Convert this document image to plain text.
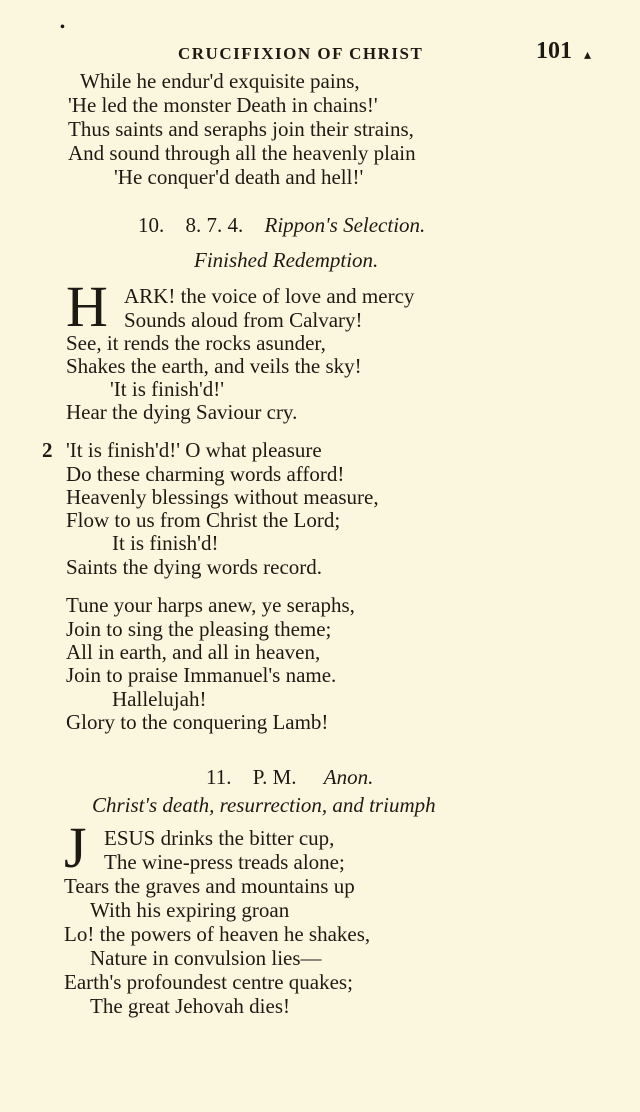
•
CRUCIFIXION OF CHRIST	101 ▴
While he endur'd exquisite pains,
'He led the monster Death in chains!'
Thus saints and seraphs join their strains,
And sound through all the heavenly plain
'He conquer'd death and hell!'
10. 8. 7. 4. Rippon's Selection.
Finished Redemption.
H ARK! the voice of love and mercy
Sounds aloud from Calvary!
See, it rends the rocks asunder,
Shakes the earth, and veils the sky!
'It is finish'd!'
Hear the dying Saviour cry.
2 'It is finish'd!' O what pleasure
Do these charming words afford!
Heavenly blessings without measure,
Flow to us from Christ the Lord;
It is finish'd!
Saints the dying words record.
Tune your harps anew, ye seraphs,
Join to sing the pleasing theme;
All in earth, and all in heaven,
Join to praise Immanuel's name.
Hallelujah!
Glory to the conquering Lamb!
11. P. M. Anon.
Christ's death, resurrection, and triumph
J ESUS drinks the bitter cup,
The wine-press treads alone;
Tears the graves and mountains up
With his expiring groan
Lo! the powers of heaven he shakes,
Nature in convulsion lies—
Earth's profoundest centre quakes;
The great Jehovah dies!
